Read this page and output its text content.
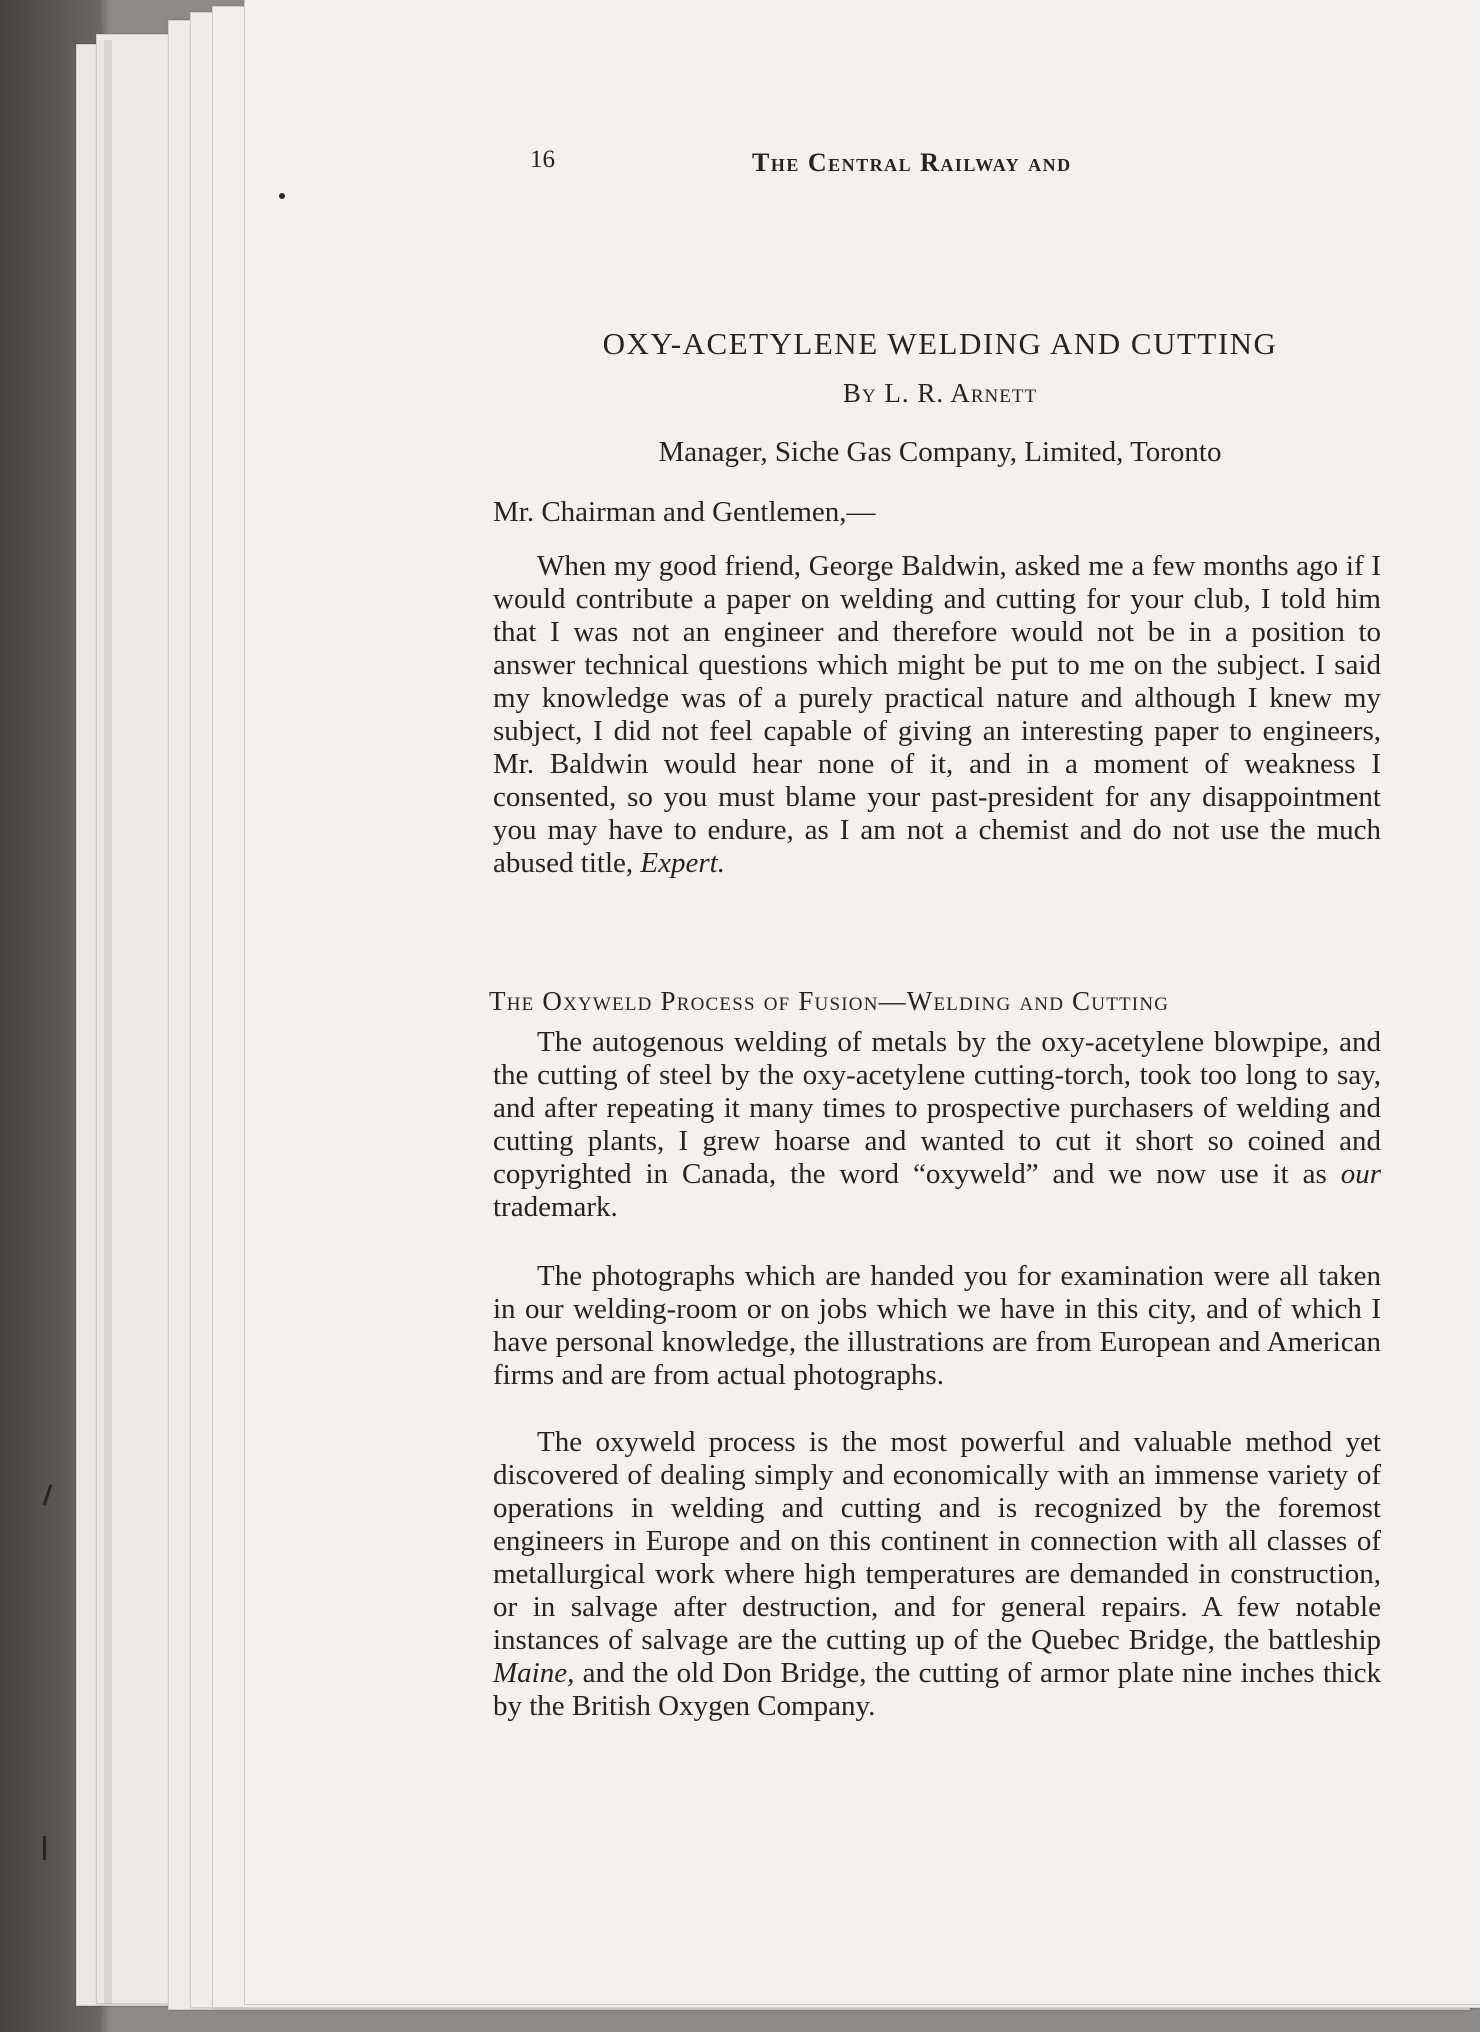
16	The Central Railway and
OXY-ACETYLENE WELDING AND CUTTING
By L. R. Arnett
Manager, Siche Gas Company, Limited, Toronto

Mr. Chairman and Gentlemen,—

When my good friend, George Baldwin, asked me a few months ago if I would contribute a paper on welding and cutting for your club, I told him that I was not an engineer and therefore would not be in a position to answer technical questions which might be put to me on the subject. I said my knowledge was of a purely practical nature and although I knew my subject, I did not feel capable of giving an interesting paper to engineers, Mr. Baldwin would hear none of it, and in a moment of weakness I consented, so you must blame your past-president for any disappointment you may have to endure, as I am not a chemist and do not use the much abused title, Expert.

The Oxyweld Process of Fusion—Welding and Cutting

The autogenous welding of metals by the oxy-acetylene blowpipe, and the cutting of steel by the oxy-acetylene cutting-torch, took too long to say, and after repeating it many times to prospective purchasers of welding and cutting plants, I grew hoarse and wanted to cut it short so coined and copyrighted in Canada, the word “oxyweld” and we now use it as our trademark.

The photographs which are handed you for examination were all taken in our welding-room or on jobs which we have in this city, and of which I have personal knowledge, the illustrations are from European and American firms and are from actual photographs.

The oxyweld process is the most powerful and valuable method yet discovered of dealing simply and economically with an immense variety of operations in welding and cutting and is recognized by the foremost engineers in Europe and on this continent in connection with all classes of metallurgical work where high temperatures are demanded in construction, or in salvage after destruction, and for general repairs. A few notable instances of salvage are the cutting up of the Quebec Bridge, the battleship Maine, and the old Don Bridge, the cutting of armor plate nine inches thick by the British Oxygen Company.
